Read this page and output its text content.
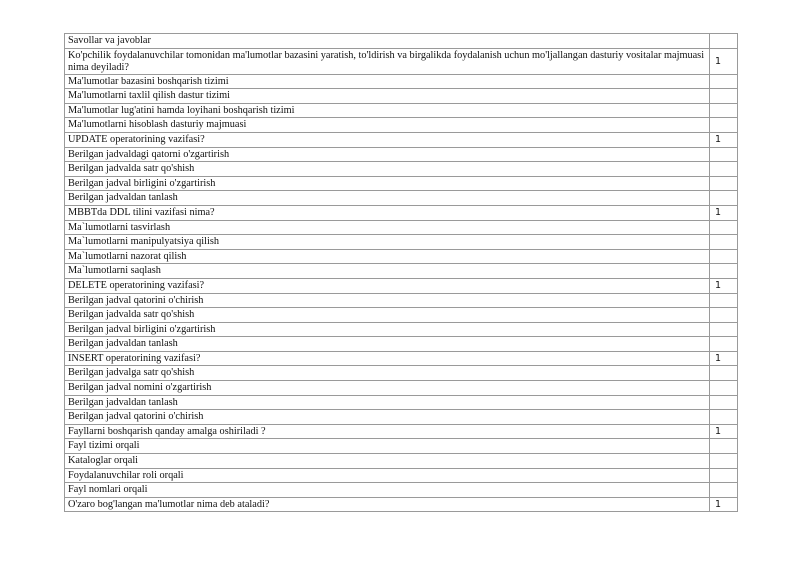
Savollar va javoblar	
Ko'pchilik foydalanuvchilar tomonidan ma'lumotlar bazasini yaratish, to'ldirish va birgalikda foydalanish uchun mo'ljallangan dasturiy vositalar majmuasi nima deyiladi?	1
Ma'lumotlar bazasini boshqarish tizimi	
Ma'lumotlarni taxlil qilish dastur tizimi	
Ma'lumotlar lug'atini hamda loyihani boshqarish tizimi	
Ma'lumotlarni hisoblash dasturiy majmuasi	
UPDATE operatorining vazifasi?	1
Berilgan jadvaldagi qatorni o'zgartirish	
Berilgan jadvalda satr qo'shish	
Berilgan jadval birligini o'zgartirish	
Berilgan jadvaldan tanlash	
MBBTda DDL tilini vazifasi nima?	1
Ma`lumotlarni tasvirlash	
Ma`lumotlarni manipulyatsiya qilish	
Ma`lumotlarni nazorat qilish	
Ma`lumotlarni saqlash	
DELETE operatorining vazifasi?	1
Berilgan jadval qatorini o'chirish	
Berilgan jadvalda satr qo'shish	
Berilgan jadval birligini o'zgartirish	
Berilgan jadvaldan tanlash	
INSERT operatorining vazifasi?	1
Berilgan jadvalga satr qo'shish	
Berilgan jadval nomini o'zgartirish	
Berilgan jadvaldan tanlash	
Berilgan jadval qatorini o'chirish	
Fayllarni boshqarish qanday amalga oshiriladi ?	1
Fayl tizimi orqali	
Kataloglar orqali	
Foydalanuvchilar roli orqali	
Fayl nomlari orqali	
O'zaro bog'langan ma'lumotlar nima deb ataladi?	1
